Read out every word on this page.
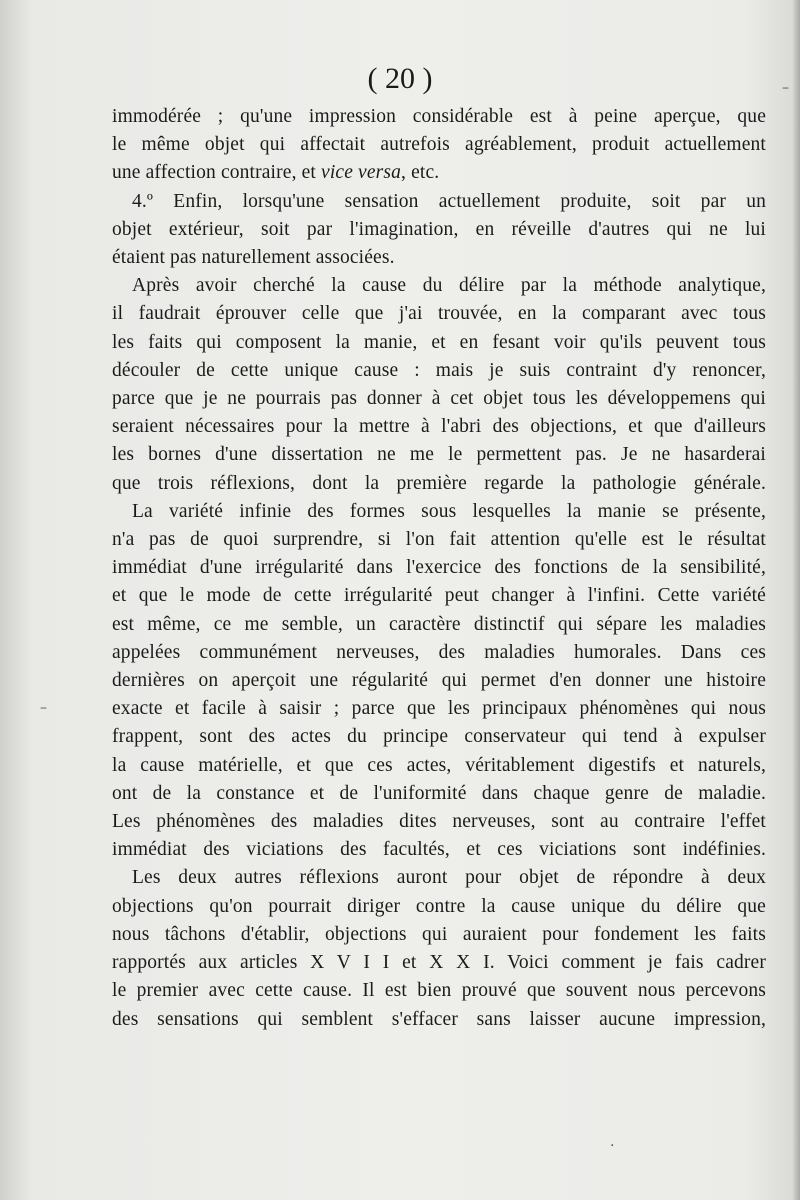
( 20 )
immodérée ; qu'une impression considérable est à peine aperçue, que
le même objet qui affectait autrefois agréablement, produit actuellement
une affection contraire, et vice versa, etc.
4.º Enfin, lorsqu'une sensation actuellement produite, soit par un
objet extérieur, soit par l'imagination, en réveille d'autres qui ne lui
étaient pas naturellement associées.
Après avoir cherché la cause du délire par la méthode analytique,
il faudrait éprouver celle que j'ai trouvée, en la comparant avec tous
les faits qui composent la manie, et en fesant voir qu'ils peuvent tous
découler de cette unique cause : mais je suis contraint d'y renoncer,
parce que je ne pourrais pas donner à cet objet tous les développemens qui
seraient nécessaires pour la mettre à l'abri des objections, et que d'ailleurs
les bornes d'une dissertation ne me le permettent pas. Je ne hasarderai
que trois réflexions, dont la première regarde la pathologie générale.
La variété infinie des formes sous lesquelles la manie se présente,
n'a pas de quoi surprendre, si l'on fait attention qu'elle est le résultat
immédiat d'une irrégularité dans l'exercice des fonctions de la sensibilité,
et que le mode de cette irrégularité peut changer à l'infini. Cette variété
est même, ce me semble, un caractère distinctif qui sépare les maladies
appelées communément nerveuses, des maladies humorales. Dans ces
dernières on aperçoit une régularité qui permet d'en donner une histoire
exacte et facile à saisir ; parce que les principaux phénomènes qui nous
frappent, sont des actes du principe conservateur qui tend à expulser
la cause matérielle, et que ces actes, véritablement digestifs et naturels,
ont de la constance et de l'uniformité dans chaque genre de maladie.
Les phénomènes des maladies dites nerveuses, sont au contraire l'effet
immédiat des viciations des facultés, et ces viciations sont indéfinies.
Les deux autres réflexions auront pour objet de répondre à deux
objections qu'on pourrait diriger contre la cause unique du délire que
nous tâchons d'établir, objections qui auraient pour fondement les faits
rapportés aux articles X V I I et X X I. Voici comment je fais cadrer
le premier avec cette cause. Il est bien prouvé que souvent nous percevons
des sensations qui semblent s'effacer sans laisser aucune impression,
–
–
·
